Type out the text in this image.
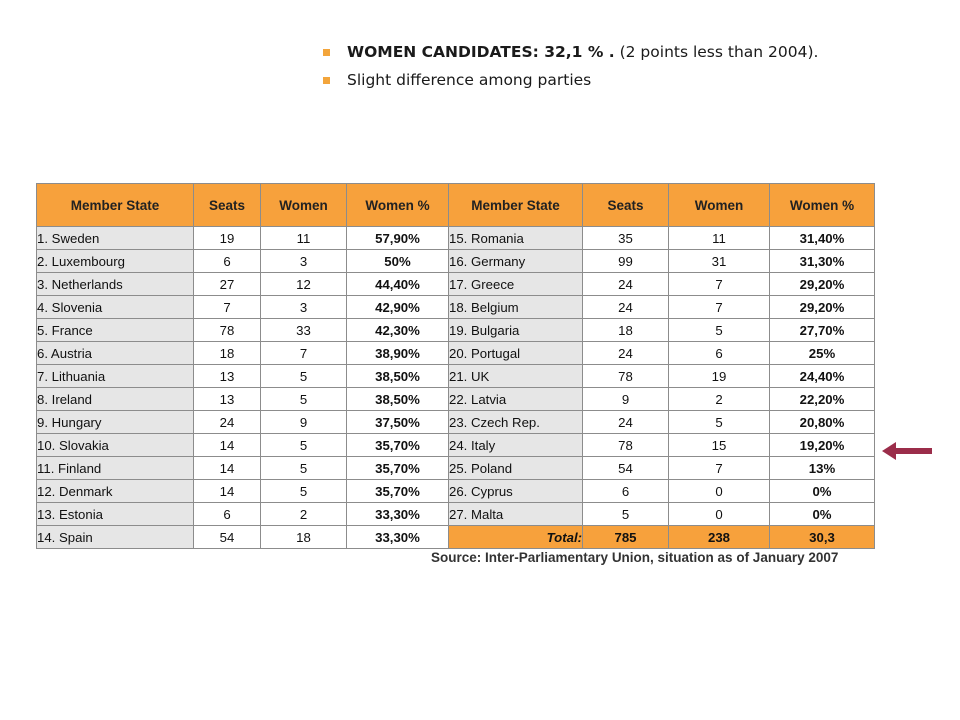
WOMEN CANDIDATES: 32,1 % . (2 points less than 2004).
Slight difference among parties
Member State	Seats	Women	Women %	Member State	Seats	Women	Women %
1. Sweden	19	11	57,90%	15. Romania	35	11	31,40%
2. Luxembourg	6	3	50%	16. Germany	99	31	31,30%
3. Netherlands	27	12	44,40%	17. Greece	24	7	29,20%
4. Slovenia	7	3	42,90%	18. Belgium	24	7	29,20%
5. France	78	33	42,30%	19. Bulgaria	18	5	27,70%
6. Austria	18	7	38,90%	20. Portugal	24	6	25%
7. Lithuania	13	5	38,50%	21. UK	78	19	24,40%
8. Ireland	13	5	38,50%	22. Latvia	9	2	22,20%
9. Hungary	24	9	37,50%	23. Czech Rep.	24	5	20,80%
10. Slovakia	14	5	35,70%	24. Italy	78	15	19,20%
11. Finland	14	5	35,70%	25. Poland	54	7	13%
12. Denmark	14	5	35,70%	26. Cyprus	6	0	0%
13. Estonia	6	2	33,30%	27. Malta	5	0	0%
14. Spain	54	18	33,30%	Total:	785	238	30,3
Source: Inter-Parliamentary Union, situation as of January 2007
